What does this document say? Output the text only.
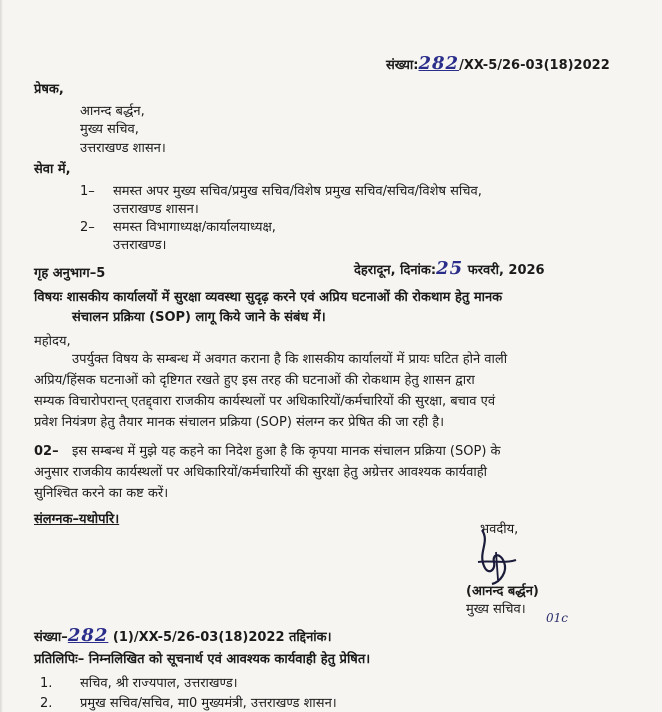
संख्या:282/XX-5/26-03(18)2022
प्रेषक,
आनन्द बर्द्धन,
मुख्य सचिव,
उत्तराखण्ड शासन।
सेवा में,
1– समस्त अपर मुख्य सचिव/प्रमुख सचिव/विशेष प्रमुख सचिव/सचिव/विशेष सचिव,
उत्तराखण्ड शासन।
2– समस्त विभागाध्यक्ष/कार्यालयाध्यक्ष,
उत्तराखण्ड।
गृह अनुभाग–5	देहरादून, दिनांक:25 फरवरी, 2026
विषयः शासकीय कार्यालयों में सुरक्षा व्यवस्था सुदृढ़ करने एवं अप्रिय घटनाओं की रोकथाम हेतु मानक
संचालन प्रक्रिया (SOP) लागू किये जाने के संबंध में।
महोदय,
उपर्युक्त विषय के सम्बन्ध में अवगत कराना है कि शासकीय कार्यालयों में प्रायः घटित होने वाली
अप्रिय/हिंसक घटनाओं को दृष्टिगत रखते हुए इस तरह की घटनाओं की रोकथाम हेतु शासन द्वारा
सम्यक विचारोपरान्त् एतद्द्वारा राजकीय कार्यस्थलों पर अधिकारियों/कर्मचारियों की सुरक्षा, बचाव एवं
प्रवेश नियंत्रण हेतु तैयार मानक संचालन प्रक्रिया (SOP) संलग्न कर प्रेषित की जा रही है।
02– इस सम्बन्ध में मुझे यह कहने का निदेश हुआ है कि कृपया मानक संचालन प्रक्रिया (SOP) के
अनुसार राजकीय कार्यस्थलों पर अधिकारियों/कर्मचारियों की सुरक्षा हेतु अग्रेत्तर आवश्यक कार्यवाही
सुनिश्चित करने का कष्ट करें।
संलग्नक–यथोपरि।
भवदीय,
(आनन्द बर्द्धन)
मुख्य सचिव।
01c
संख्या–282 (1)/XX-5/26-03(18)2022 तद्दिनांक।
प्रतिलिपिः– निम्नलिखित को सूचनार्थ एवं आवश्यक कार्यवाही हेतु प्रेषित।
1. सचिव, श्री राज्यपाल, उत्तराखण्ड।
2. प्रमुख सचिव/सचिव, मा0 मुख्यमंत्री, उत्तराखण्ड शासन।
